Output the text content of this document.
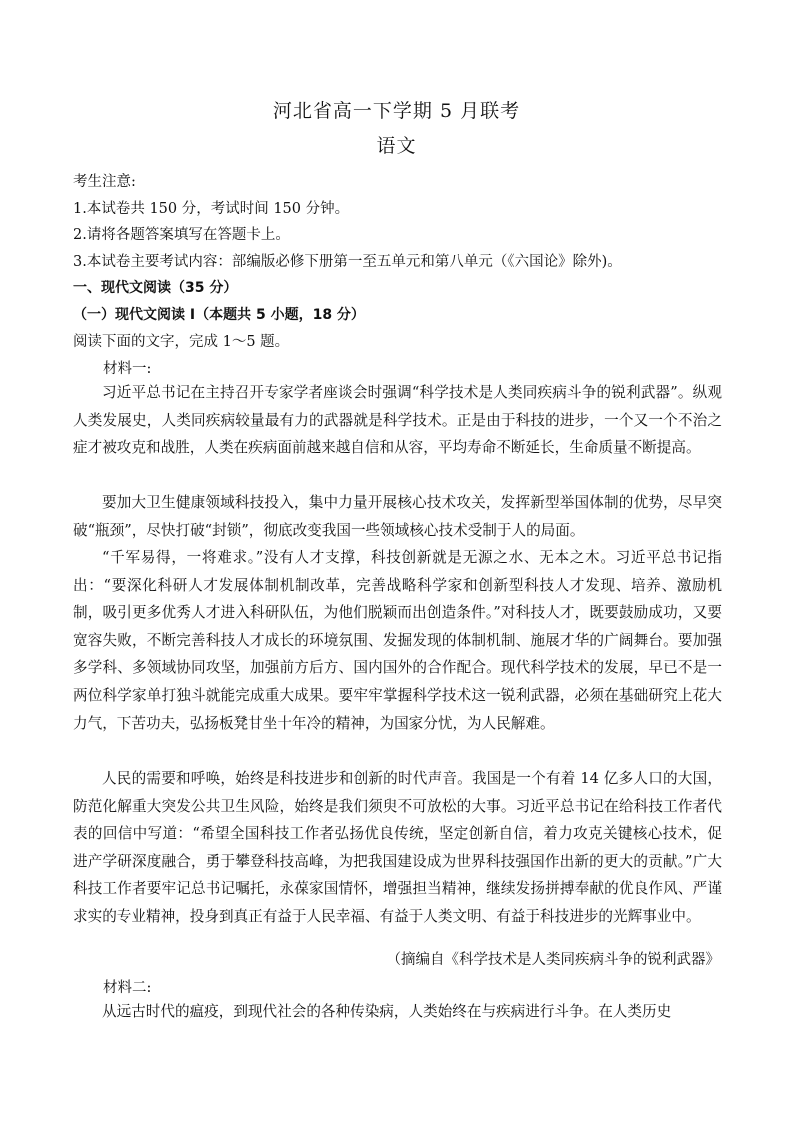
河北省高一下学期 5 月联考
语文
考生注意:
1.本试卷共 150 分，考试时间 150 分钟。
2.请将各题答案填写在答题卡上。
3.本试卷主要考试内容：部编版必修下册第一至五单元和第八单元（《六国论》除外)。
一、现代文阅读（35 分）
（一）现代文阅读 I（本题共 5 小题，18 分）
阅读下面的文字，完成 1～5 题。
材料一:
习近平总书记在主持召开专家学者座谈会时强调“科学技术是人类同疾病斗争的锐利武器”。纵观人类发展史，人类同疾病较量最有力的武器就是科学技术。正是由于科技的进步，一个又一个不治之症才被攻克和战胜，人类在疾病面前越来越自信和从容，平均寿命不断延长，生命质量不断提高。
要加大卫生健康领域科技投入，集中力量开展核心技术攻关，发挥新型举国体制的优势，尽早突破“瓶颈”，尽快打破“封锁”，彻底改变我国一些领域核心技术受制于人的局面。
“千军易得，一将难求。”没有人才支撑，科技创新就是无源之水、无本之木。习近平总书记指出：“要深化科研人才发展体制机制改革，完善战略科学家和创新型科技人才发现、培养、激励机制，吸引更多优秀人才进入科研队伍，为他们脱颖而出创造条件。”对科技人才，既要鼓励成功，又要宽容失败，不断完善科技人才成长的环境氛围、发掘发现的体制机制、施展才华的广阔舞台。要加强多学科、多领域协同攻坚，加强前方后方、国内国外的合作配合。现代科学技术的发展，早已不是一两位科学家单打独斗就能完成重大成果。要牢牢掌握科学技术这一锐利武器，必须在基础研究上花大力气，下苦功夫，弘扬板凳甘坐十年冷的精神，为国家分忧，为人民解难。
人民的需要和呼唤，始终是科技进步和创新的时代声音。我国是一个有着 14 亿多人口的大国，防范化解重大突发公共卫生风险，始终是我们须臾不可放松的大事。习近平总书记在给科技工作者代表的回信中写道：“希望全国科技工作者弘扬优良传统，坚定创新自信，着力攻克关键核心技术，促进产学研深度融合，勇于攀登科技高峰，为把我国建设成为世界科技强国作出新的更大的贡献。”广大科技工作者要牢记总书记嘱托，永葆家国情怀，增强担当精神，继续发扬拼搏奉献的优良作风、严谨求实的专业精神，投身到真正有益于人民幸福、有益于人类文明、有益于科技进步的光辉事业中。
（摘编自《科学技术是人类同疾病斗争的锐利武器》
材料二:
从远古时代的瘟疫，到现代社会的各种传染病，人类始终在与疾病进行斗争。在人类历史
